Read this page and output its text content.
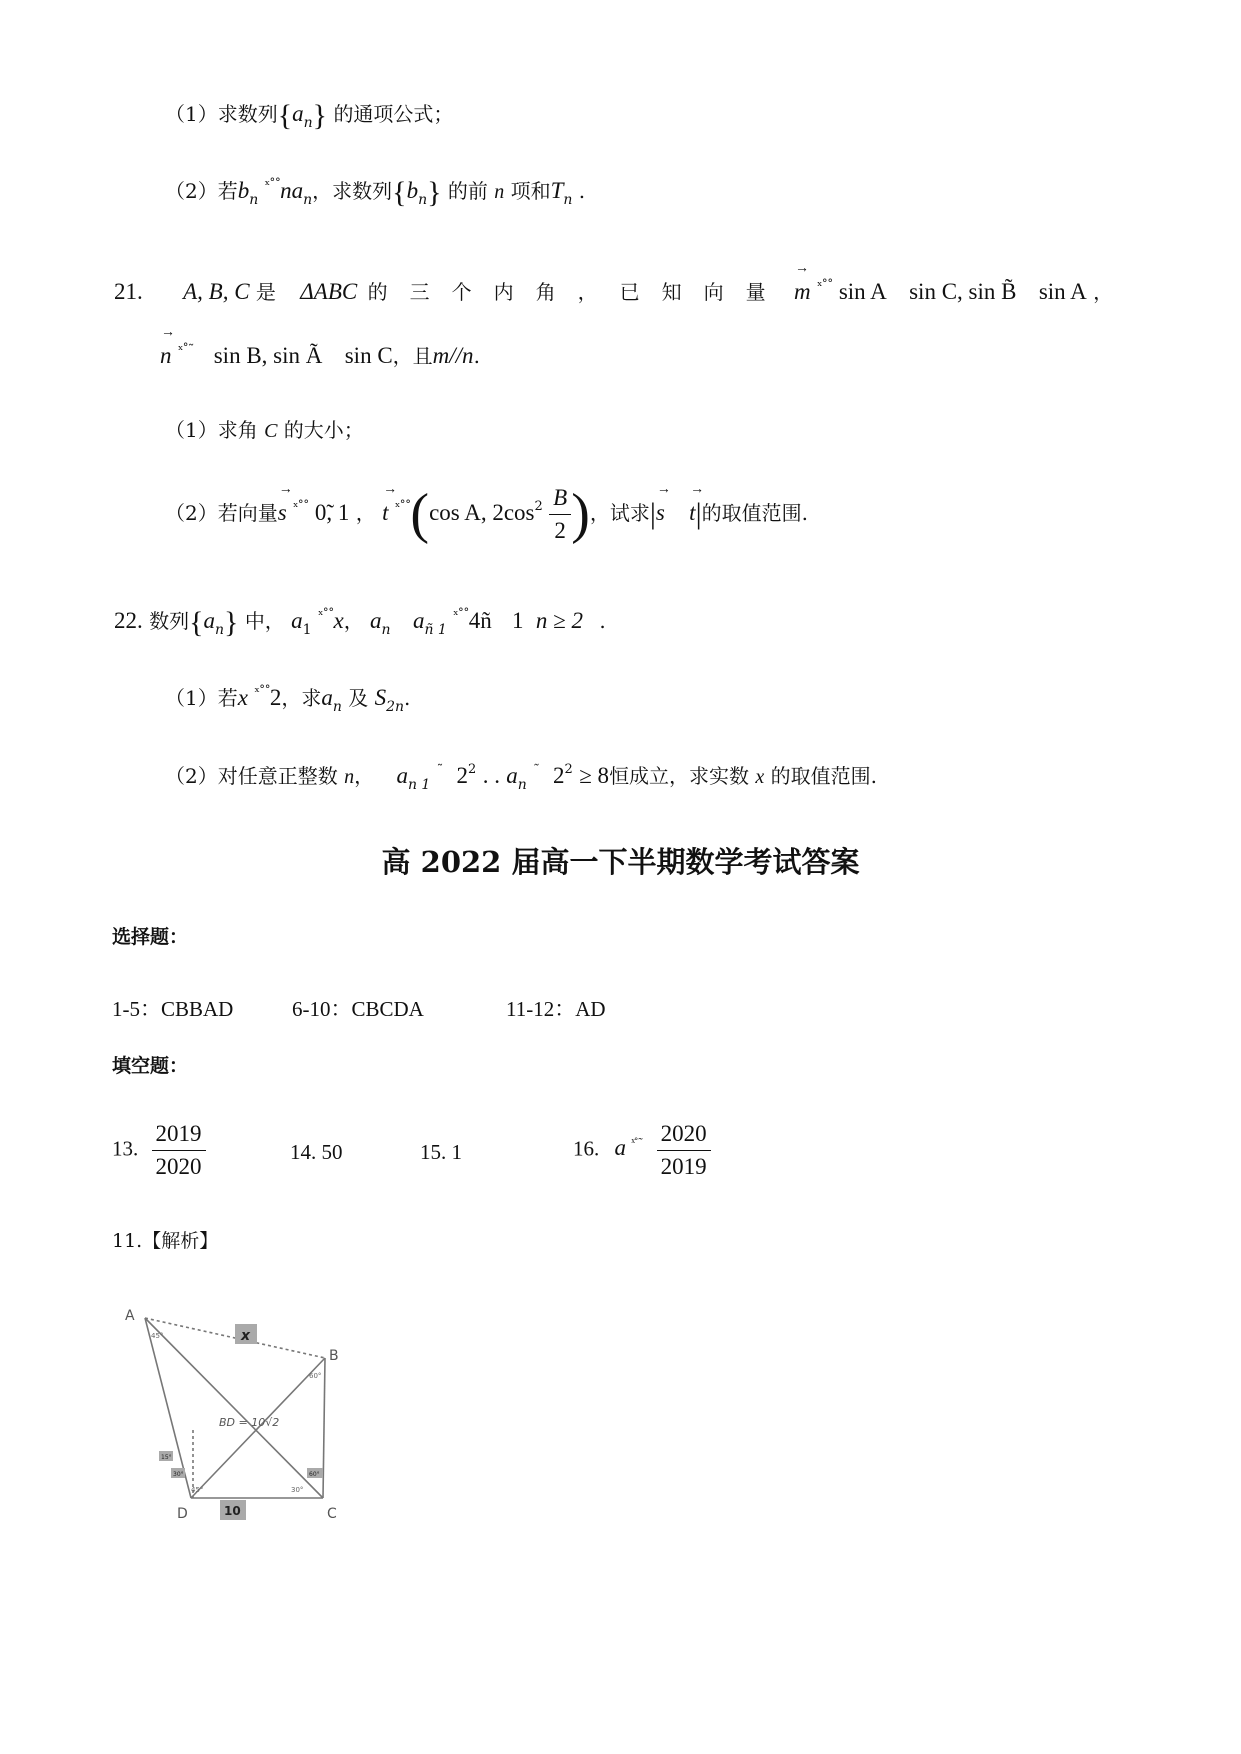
（1）求数列$\{a_n\}$ 的通项公式；
（2）若$b_n$ $^{ˣ˚˚}na_n$，求数列$\{b_n\}$ 的前 n 项和$T_n$ .
21. A, B, C 是 ΔABC 的 三 个 内 角 ， 已 知 向 量 → m $^{ˣ˚˚}$ sin A sin C, sin B̃ sin A ，
→ n $^{ˣ˚˜}$ sin B, sin Ã sin C，且m//n.
（1）求角 C 的大小；
（2）若向量→ s $^{ˣ˚˚}$ 0̃, 1 ， → t $^{ˣ˚˚}$(cos A, $2\cos^2 \frac{B}{2}$ )，试求|→ s → t|的取值范围.
22. 数列$\{a_n\}$ 中， $a_1$ $^{ˣ˚˚}$x， $a_n$ $a_{ñ 1}$ $^{ˣ˚˚}$4ñ 1 n ≥ 2 .
（1）若x $^{ˣ˚˚}$2，求$a_n$ 及 $S_{2n}$.
（2）对任意正整数 n， $a_{n 1}$ ˜ $2^2$ . . $a_n$ ˜ $2^2 \ge 8$恒成立，求实数 x 的取值范围.
高 2022 届高一下半期数学考试答案
选择题：
1-5：CBBAD	6-10：CBCDA	11-12：AD
填空题：
13. $\frac{2019}{2020}$	14. 50	15. 1	16. a $^{ˣ˚̃} \frac{2020}{2019}$
11.【解析】
A
B
D	C
x
BD = 10√2
10
45°
60°
15°
30°
45°	30°
60°
